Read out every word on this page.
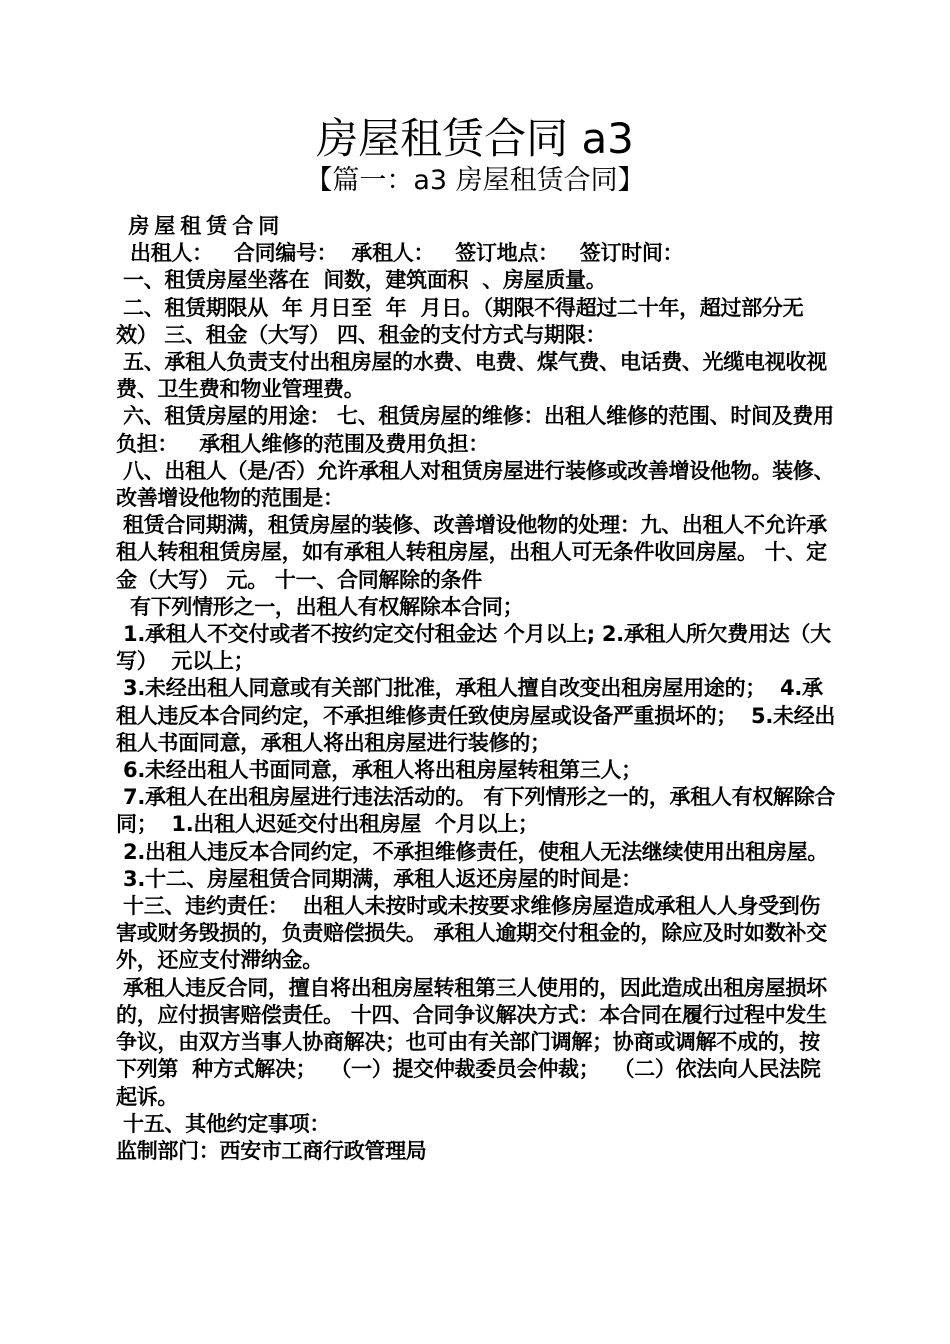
房屋租赁合同 a3
【篇一：a3 房屋租赁合同】

房屋租赁合同

出租人：   合同编号：  承租人：   签订地点：   签订时间：

一、租赁房屋坐落在  间数，建筑面积  、房屋质量。

二、租赁期限从  年 月日至  年  月日。（期限不得超过二十年，超过部分无效） 三、租金（大写） 四、租金的支付方式与期限：

五、承租人负责支付出租房屋的水费、电费、煤气费、电话费、光缆电视收视费、卫生费和物业管理费。

六、租赁房屋的用途： 七、租赁房屋的维修：出租人维修的范围、时间及费用负担：   承租人维修的范围及费用负担：

八、出租人（是/否）允许承租人对租赁房屋进行装修或改善增设他物。装修、改善增设他物的范围是：

租赁合同期满，租赁房屋的装修、改善增设他物的处理：九、出租人不允许承租人转租租赁房屋，如有承租人转租房屋，出租人可无条件收回房屋。 十、定金（大写） 元。 十一、合同解除的条件

有下列情形之一，出租人有权解除本合同；

1.承租人不交付或者不按约定交付租金达 个月以上; 2.承租人所欠费用达（大写）  元以上；

3.未经出租人同意或有关部门批准，承租人擅自改变出租房屋用途的；  4.承租人违反本合同约定，不承担维修责任致使房屋或设备严重损坏的；  5.未经出租人书面同意，承租人将出租房屋进行装修的；

6.未经出租人书面同意，承租人将出租房屋转租第三人；

7.承租人在出租房屋进行违法活动的。 有下列情形之一的，承租人有权解除合同；  1.出租人迟延交付出租房屋  个月以上；

2.出租人违反本合同约定，不承担维修责任，使租人无法继续使用出租房屋。

3.十二、房屋租赁合同期满，承租人返还房屋的时间是：

十三、违约责任：  出租人未按时或未按要求维修房屋造成承租人人身受到伤害或财务毁损的，负责赔偿损失。 承租人逾期交付租金的，除应及时如数补交外，还应支付滞纳金。

承租人违反合同，擅自将出租房屋转租第三人使用的，因此造成出租房屋损坏的，应付损害赔偿责任。 十四、合同争议解决方式：本合同在履行过程中发生争议，由双方当事人协商解决；也可由有关部门调解；协商或调解不成的，按下列第  种方式解决；  （一）提交仲裁委员会仲裁；  （二）依法向人民法院起诉。

十五、其他约定事项：

监制部门：西安市工商行政管理局
